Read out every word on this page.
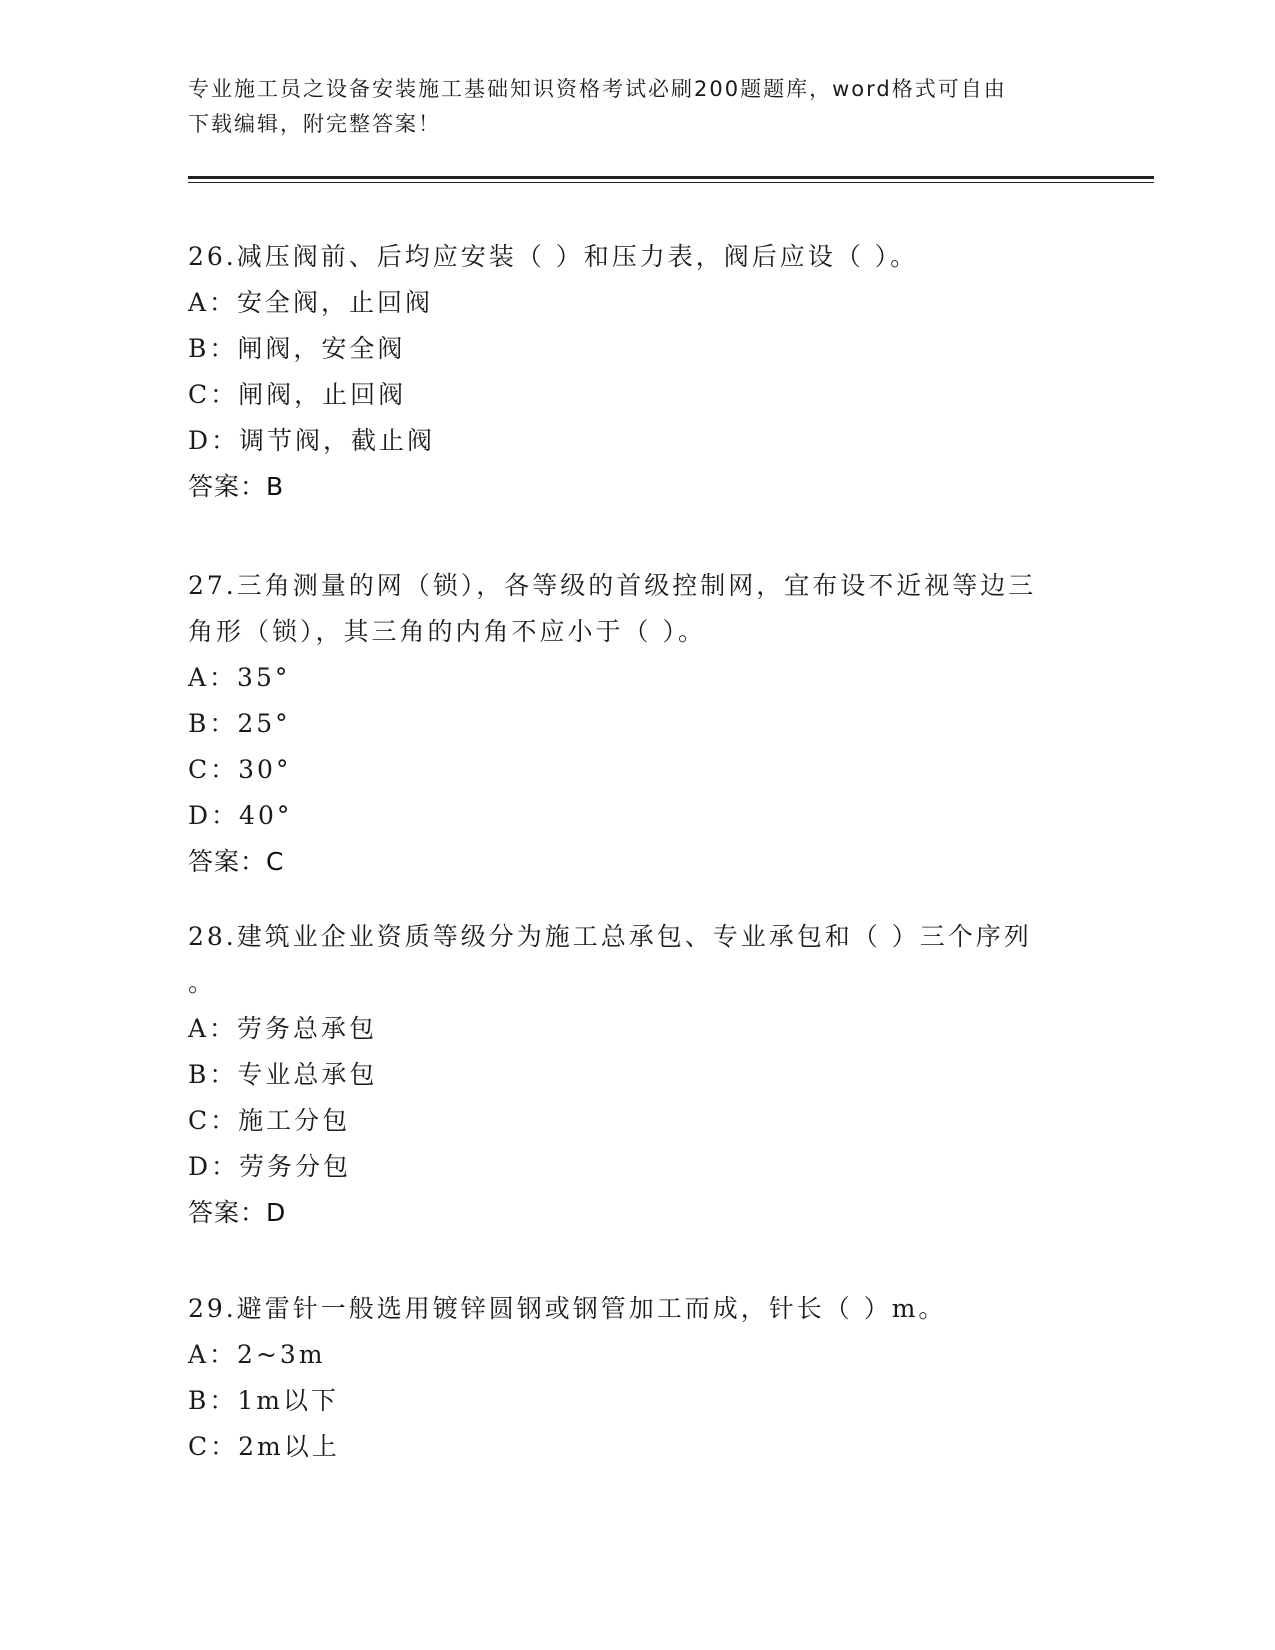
专业施工员之设备安装施工基础知识资格考试必刷200题题库，word格式可自由
下载编辑，附完整答案！
26.减压阀前、后均应安装（ ）和压力表，阀后应设（ ）。
A：安全阀，止回阀
B：闸阀，安全阀
C：闸阀，止回阀
D：调节阀，截止阀
答案：B
27.三角测量的网（锁），各等级的首级控制网，宜布设不近视等边三
角形（锁），其三角的内角不应小于（ ）。
A：35°
B：25°
C：30°
D：40°
答案：C
28.建筑业企业资质等级分为施工总承包、专业承包和（ ）三个序列
。
A：劳务总承包
B：专业总承包
C：施工分包
D：劳务分包
答案：D
29.避雷针一般选用镀锌圆钢或钢管加工而成，针长（ ）m。
A：2~3m
B：1m以下
C：2m以上
